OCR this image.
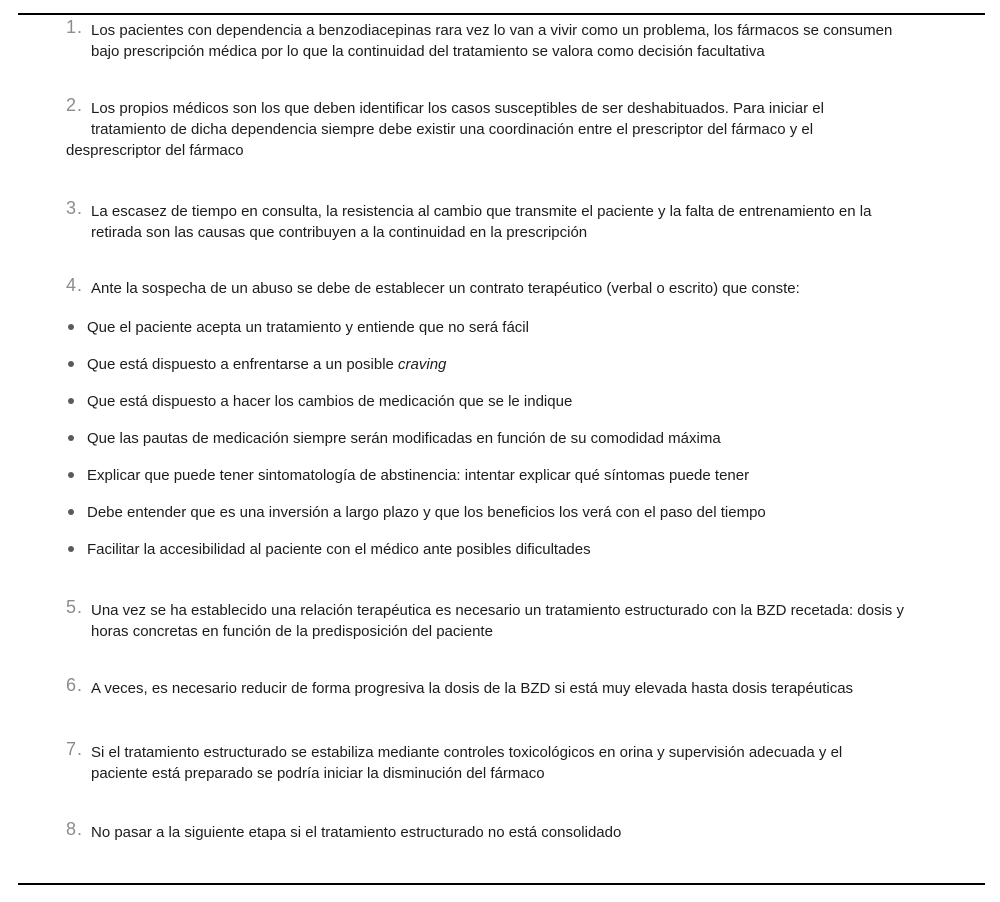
1. Los pacientes con dependencia a benzodiacepinas rara vez lo van a vivir como un problema, los fármacos se consumen
bajo prescripción médica por lo que la continuidad del tratamiento se valora como decisión facultativa
2. Los propios médicos son los que deben identificar los casos susceptibles de ser deshabituados. Para iniciar el
tratamiento de dicha dependencia siempre debe existir una coordinación entre el prescriptor del fármaco y el
desprescriptor del fármaco
3. La escasez de tiempo en consulta, la resistencia al cambio que transmite el paciente y la falta de entrenamiento en la
retirada son las causas que contribuyen a la continuidad en la prescripción
4. Ante la sospecha de un abuso se debe de establecer un contrato terapéutico (verbal o escrito) que conste:
Que el paciente acepta un tratamiento y entiende que no será fácil
Que está dispuesto a enfrentarse a un posible craving
Que está dispuesto a hacer los cambios de medicación que se le indique
Que las pautas de medicación siempre serán modificadas en función de su comodidad máxima
Explicar que puede tener sintomatología de abstinencia: intentar explicar qué síntomas puede tener
Debe entender que es una inversión a largo plazo y que los beneficios los verá con el paso del tiempo
Facilitar la accesibilidad al paciente con el médico ante posibles dificultades
5. Una vez se ha establecido una relación terapéutica es necesario un tratamiento estructurado con la BZD recetada: dosis y
horas concretas en función de la predisposición del paciente
6. A veces, es necesario reducir de forma progresiva la dosis de la BZD si está muy elevada hasta dosis terapéuticas
7. Si el tratamiento estructurado se estabiliza mediante controles toxicológicos en orina y supervisión adecuada y el
paciente está preparado se podría iniciar la disminución del fármaco
8. No pasar a la siguiente etapa si el tratamiento estructurado no está consolidado
